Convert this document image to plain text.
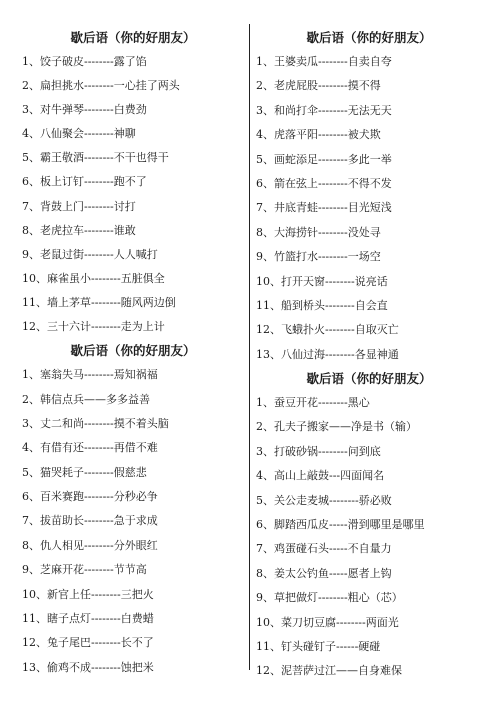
歇后语（你的好朋友）
1、饺子破皮--------露了馅
2、扁担挑水--------一心挂了两头
3、对牛弹琴--------白费劲
4、八仙聚会--------神聊
5、霸王敬酒--------不干也得干
6、板上订钉--------跑不了
7、背鼓上门--------讨打
8、老虎拉车--------谁敢
9、老鼠过街--------人人喊打
10、麻雀虽小--------五脏俱全
11、墙上茅草--------随风两边倒
12、三十六计--------走为上计
歇后语（你的好朋友）
1、塞翁失马--------焉知祸福
2、韩信点兵——多多益善
3、丈二和尚--------摸不着头脑
4、有借有还--------再借不难
5、猫哭耗子--------假慈悲
6、百米赛跑--------分秒必争
7、拔苗助长--------急于求成
8、仇人相见--------分外眼红
9、芝麻开花--------节节高
10、新官上任--------三把火
11、瞎子点灯--------白费蜡
12、兔子尾巴--------长不了
13、偷鸡不成--------蚀把米
歇后语（你的好朋友）
1、王婆卖瓜--------自卖自夸
2、老虎屁股--------摸不得
3、和尚打伞--------无法无天
4、虎落平阳--------被犬欺
5、画蛇添足--------多此一举
6、箭在弦上--------不得不发
7、井底青蛙--------目光短浅
8、大海捞针--------没处寻
9、竹篮打水--------一场空
10、打开天窗--------说亮话
11、船到桥头--------自会直
12、飞蛾扑火--------自取灭亡
13、八仙过海--------各显神通
歇后语（你的好朋友）
1、蚕豆开花--------黑心
2、孔夫子搬家——净是书（输）
3、打破砂锅--------问到底
4、高山上敲鼓---四面闻名
5、关公走麦城--------骄必败
6、脚踏西瓜皮-----滑到哪里是哪里
7、鸡蛋碰石头-----不自量力
8、姜太公钓鱼-----愿者上钩
9、草把做灯--------粗心（芯）
10、菜刀切豆腐--------两面光
11、钉头碰钉子------硬碰
12、泥菩萨过江——自身难保
